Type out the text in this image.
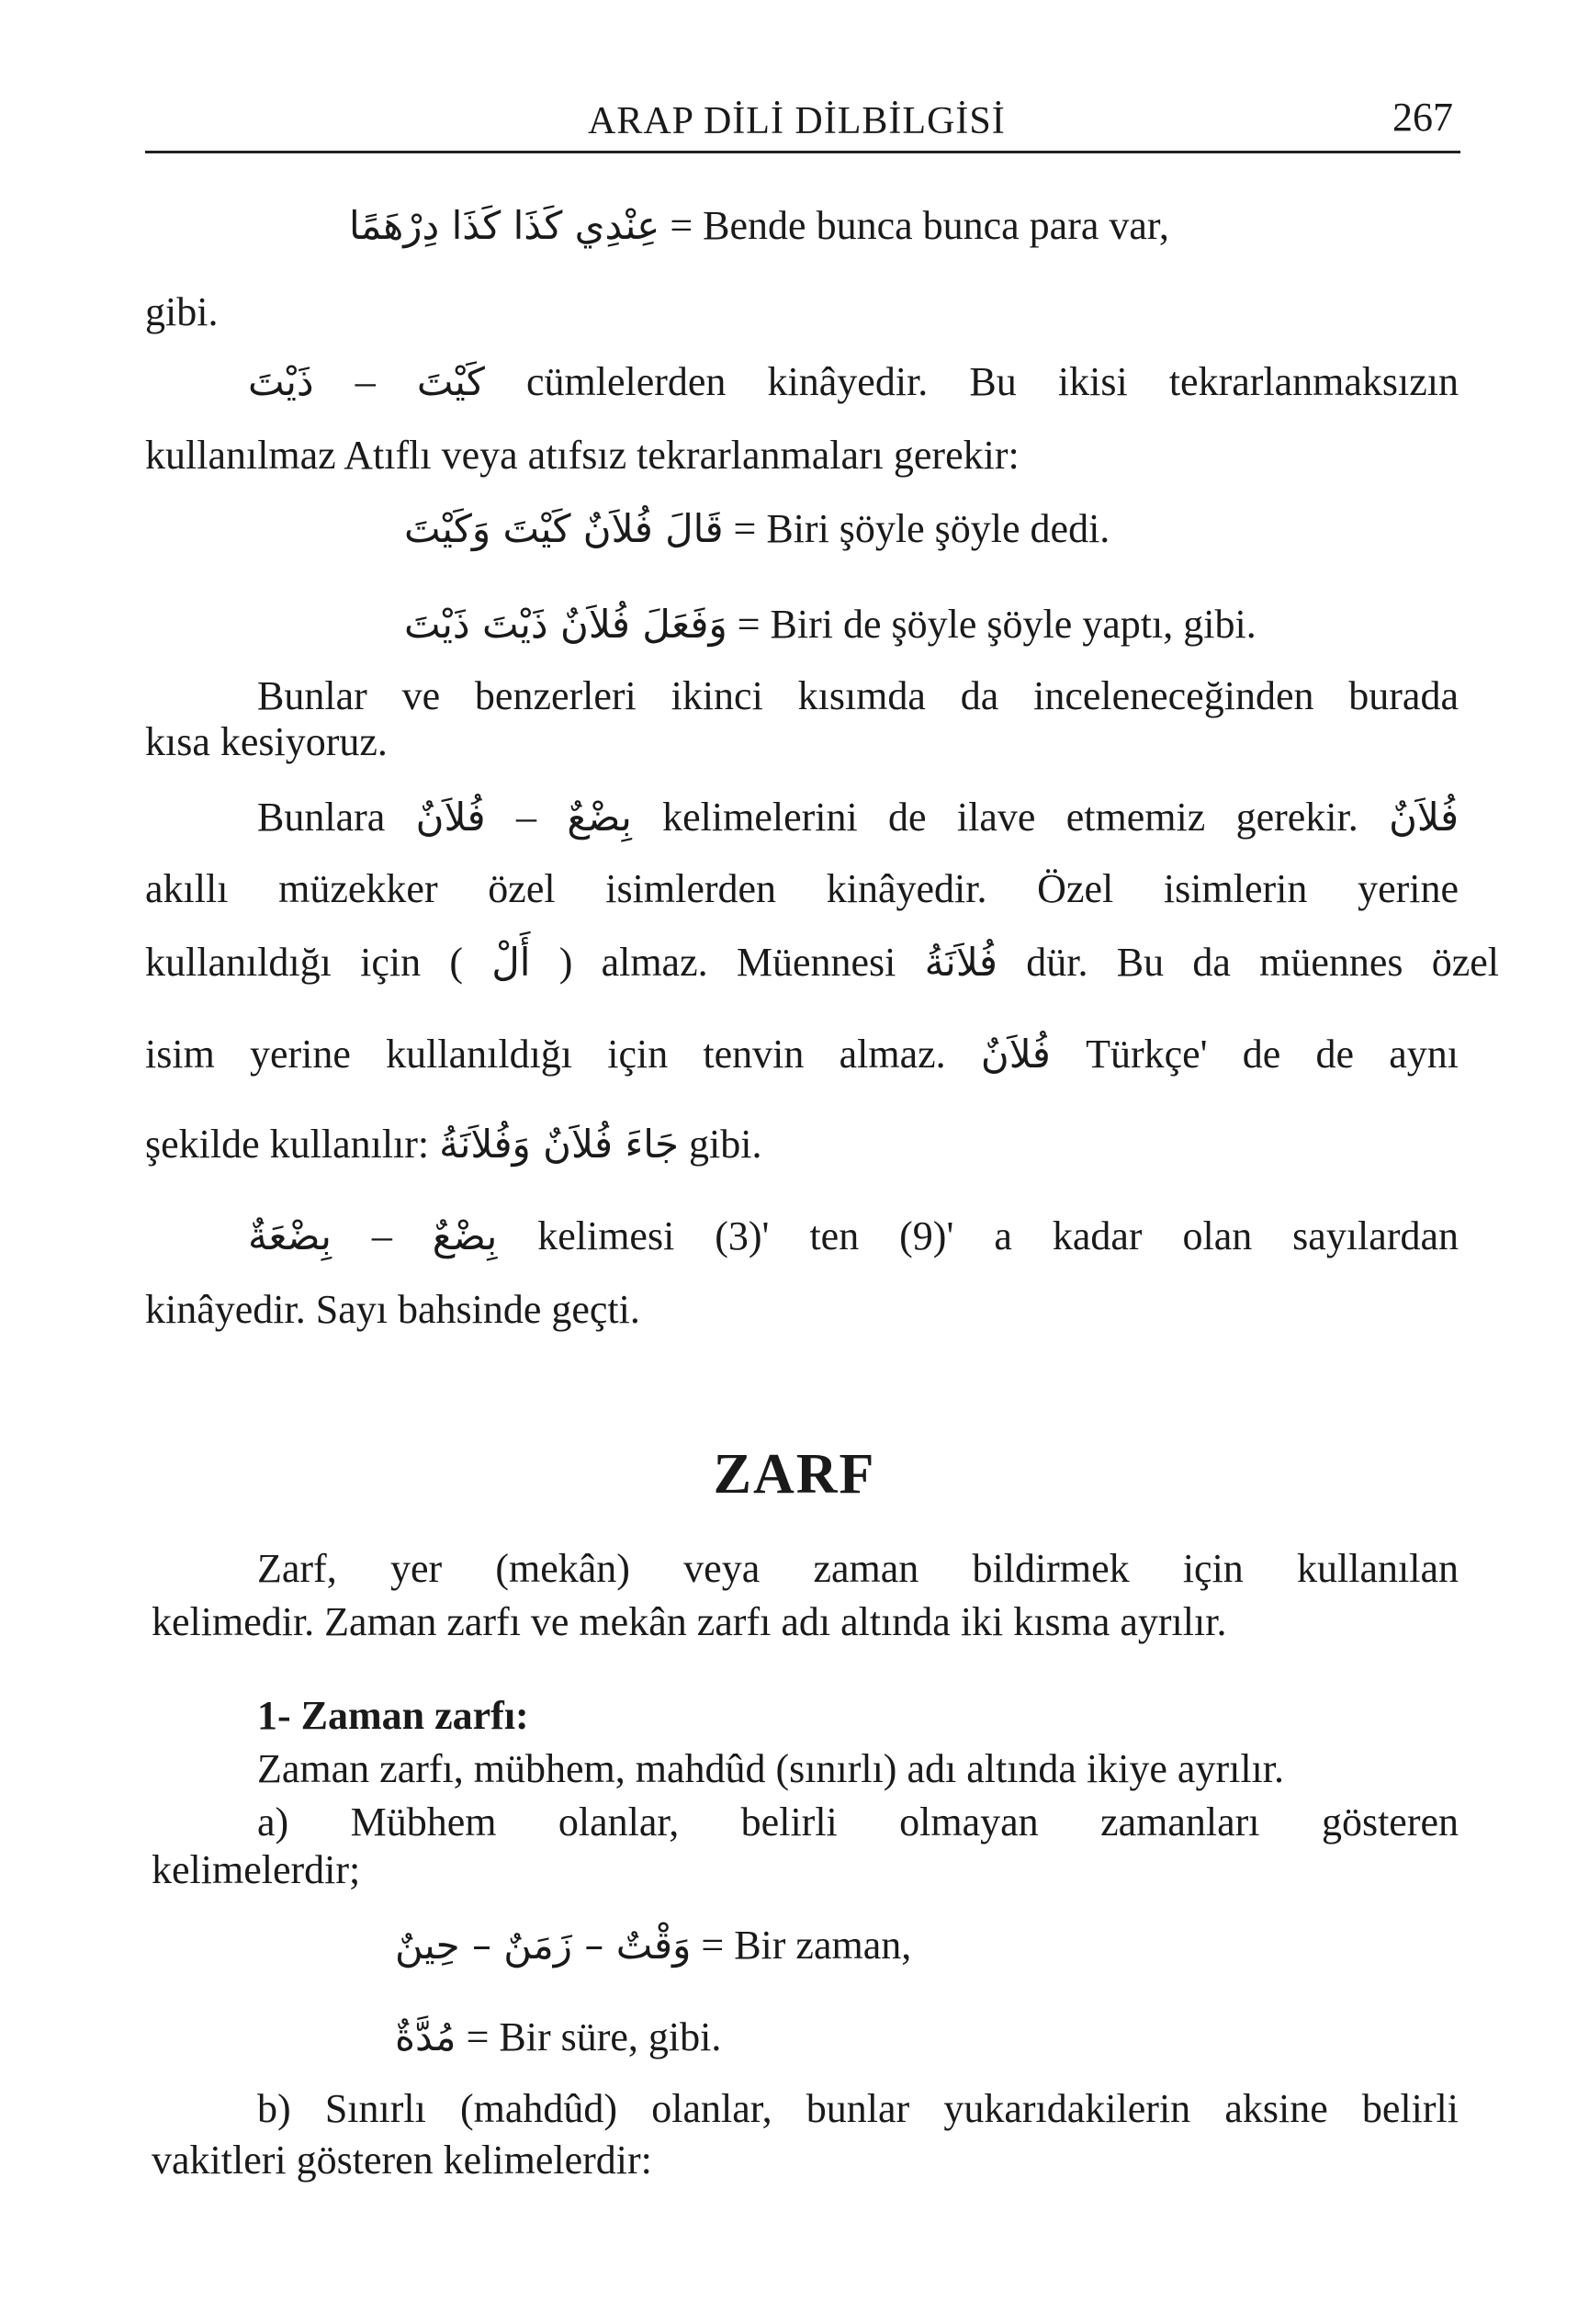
ARAP DİLİ DİLBİLGİSİ	267
عِنْدِي كَذَا كَذَا دِرْهَمًا = Bende bunca bunca para var,
gibi.
كَيْتَ – ذَيْتَ	cümlelerden kinâyedir. Bu ikisi tekrarlanmaksızın
kullanılmaz Atıflı veya atıfsız tekrarlanmaları gerekir:
قَالَ فُلاَنٌ كَيْتَ وَكَيْتَ = Biri şöyle şöyle dedi.
وَفَعَلَ فُلاَنٌ ذَيْتَ ذَيْتَ = Biri de şöyle şöyle yaptı, gibi.
Bunlar ve benzerleri ikinci kısımda da inceleneceğinden burada
kısa kesiyoruz.
Bunlara	بِضْعٌ – فُلاَنٌ	kelimelerini de ilave etmemiz gerekir. فُلاَنٌ
akıllı müzekker özel isimlerden kinâyedir. Özel isimlerin yerine
kullanıldığı için ( أَلْ ) almaz. Müennesi فُلاَنَةُ dür. Bu da müennes özel
isim yerine kullanıldığı için tenvin almaz. فُلاَنٌ Türkçe' de de aynı
şekilde kullanılır: جَاءَ فُلاَنٌ وَفُلاَنَةُ gibi.
بِضْعٌ – بِضْعَةٌ	kelimesi (3)' ten (9)' a kadar olan sayılardan
kinâyedir. Sayı bahsinde geçti.
ZARF
Zarf, yer (mekân) veya zaman bildirmek için kullanılan
kelimedir. Zaman zarfı ve mekân zarfı adı altında iki kısma ayrılır.
1- Zaman zarfı:
Zaman zarfı, mübhem, mahdûd (sınırlı) adı altında ikiye ayrılır.
a) Mübhem olanlar, belirli olmayan zamanları gösteren
kelimelerdir;
وَقْتٌ – زَمَنٌ – حِينٌ = Bir zaman,
مُدَّةٌ = Bir süre, gibi.
b) Sınırlı (mahdûd) olanlar, bunlar yukarıdakilerin aksine belirli
vakitleri gösteren kelimelerdir:
